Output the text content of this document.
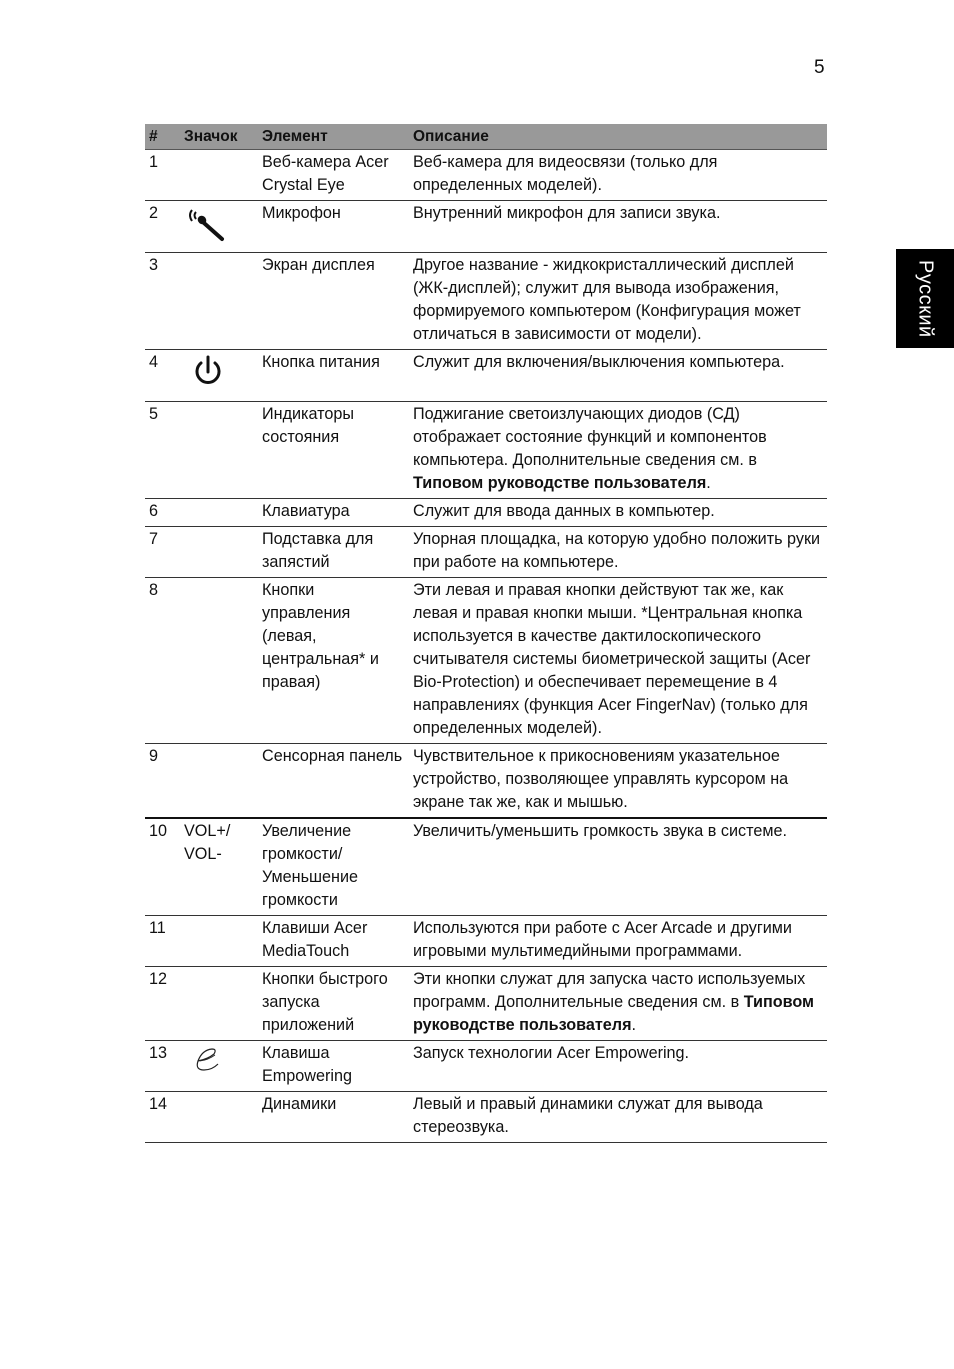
5
Русский
#	Значок	Элемент	Описание
1		Веб-камера Acer Crystal Eye	Веб-камера для видеосвязи (только для определенных моделей).
2		Микрофон	Внутренний микрофон для записи звука.
3		Экран дисплея	Другое название - жидкокристаллический дисплей (ЖК-дисплей); служит для вывода изображения, формируемого компьютером (Конфигурация может отличаться в зависимости от модели).
4		Кнопка питания	Служит для включения/выключения компьютера.
5		Индикаторы состояния	Поджигание светоизлучающих диодов (СД) отображает состояние функций и компонентов компьютера. Дополнительные сведения см. в Типовом руководстве пользователя.
6		Клавиатура	Служит для ввода данных в компьютер.
7		Подставка для запястий	Упорная площадка, на которую удобно положить руки при работе на компьютере.
8		Кнопки управления (левая, центральная* и правая)	Эти левая и правая кнопки действуют так же, как левая и правая кнопки мыши. *Центральная кнопка используется в качестве дактилоскопического считывателя системы биометрической защиты (Acer Bio-Protection) и обеспечивает перемещение в 4 направлениях (функция Acer FingerNav) (только для определенных моделей).
9		Сенсорная панель	Чувствительное к прикосновениям указательное устройство, позволяющее управлять курсором на экране так же, как и мышью.
10	VOL+/ VOL-	Увеличение громкости/ Уменьшение громкости	Увеличить/уменьшить громкость звука в системе.
11		Клавиши Acer MediaTouch	Используются при работе с Acer Arcade и другими игровыми мультимедийными программами.
12		Кнопки быстрого запуска приложений	Эти кнопки служат для запуска часто используемых программ. Дополнительные сведения см. в Типовом руководстве пользователя.
13		Клавиша Empowering	Запуск технологии Acer Empowering.
14		Динамики	Левый и правый динамики служат для вывода стереозвука.
